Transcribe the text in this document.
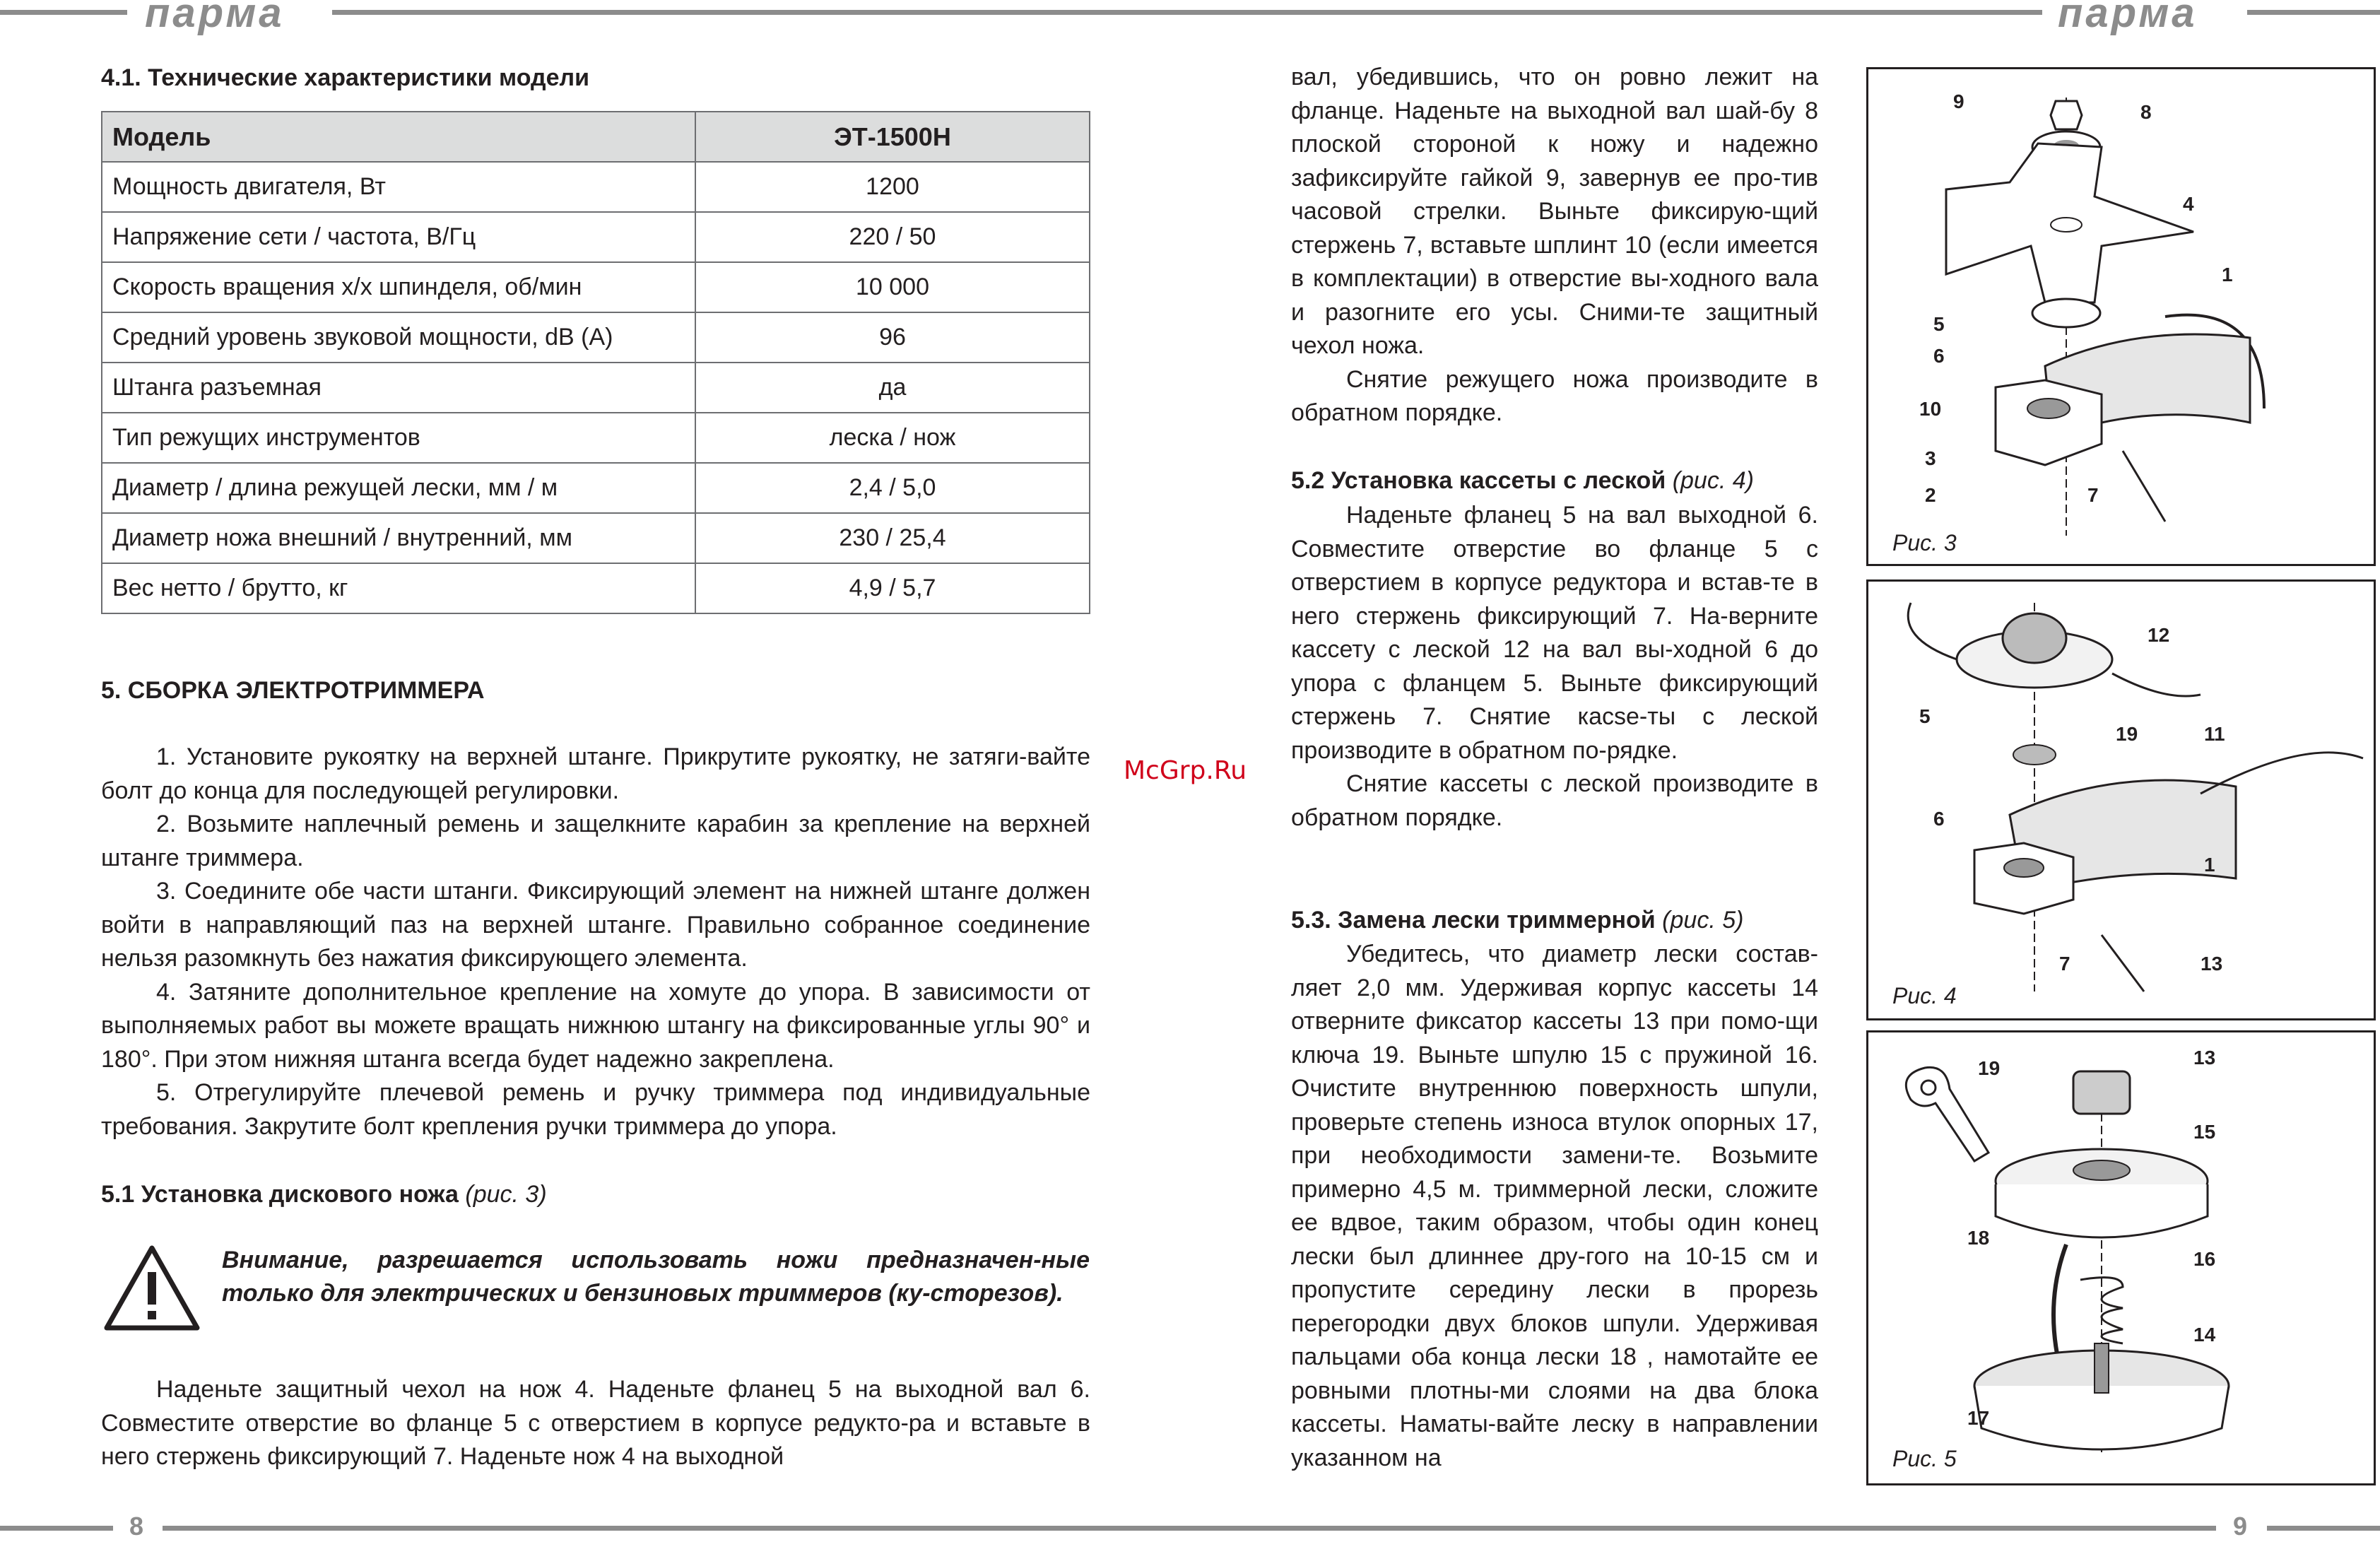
пармa	пармa
8	9
4.1. Технические характеристики модели
Модель	ЭТ-1500Н
Мощность двигателя, Вт	1200
Напряжение сети / частота, В/Гц	220 / 50
Скорость вращения х/х шпинделя, об/мин	10 000
Средний уровень звуковой мощности, dB (A)	96
Штанга разъемная	да
Тип режущих инструментов	леска / нож
Диаметр / длина режущей лески, мм / м	2,4 / 5,0
Диаметр ножа внешний / внутренний, мм	230 / 25,4
Вес нетто / брутто, кг	4,9 / 5,7
5. СБОРКА ЭЛЕКТРОТРИММЕРА

1. Установите рукоятку на верхней штанге. Прикрутите рукоятку, не затяги-вайте болт до конца для последующей регулировки.

2. Возьмите наплечный ремень и защелкните карабин за крепление на верхней штанге триммера.

3. Соедините обе части штанги. Фиксирующий элемент на нижней штанге должен войти в направляющий паз на верхней штанге. Правильно собранное соединение нельзя разомкнуть без нажатия фиксирующего элемента.

4. Затяните дополнительное крепление на хомуте до упора. В зависимости от выполняемых работ вы можете вращать нижнюю штангу на фиксированные углы 90° и 180°. При этом нижняя штанга всегда будет надежно закреплена.

5. Отрегулируйте плечевой ремень и ручку триммера под индивидуальные требования. Закрутите болт крепления ручки триммера до упора.

5.1 Установка дискового ножа (рис. 3)
Внимание, разрешается использовать ножи предназначен-ные только для электрических и бензиновых триммеров (ку-сторезов).

Наденьте защитный чехол на нож 4. Наденьте фланец 5 на выходной вал 6. Совместите отверстие во фланце 5 с отверстием в корпусе редукто-ра и вставьте в него стержень фиксирующий 7. Наденьте нож 4 на выходной

McGrp.Ru

вал, убедившись, что он ровно лежит на фланце. Наденьте на выходной вал шай-бу 8 плоской стороной к ножу и надежно зафиксируйте гайкой 9, завернув ее про-тив часовой стрелки. Выньте фиксирую-щий стержень 7, вставьте шплинт 10 (если имеется в комплектации) в отверстие вы-ходного вала и разогните его усы. Сними-те защитный чехол ножа.

Снятие режущего ножа производите в обратном порядке.

5.2 Установка кассеты с леской (рис. 4)

Наденьте фланец 5 на вал выходной 6. Совместите отверстие во фланце 5 с отверстием в корпусе редуктора и встав-те в него стержень фиксирующий 7. На-верните кассету с леской 12 на вал вы-ходной 6 до упора с фланцем 5. Выньте фиксирующий стержень 7. Снятие касse-ты с леской производите в обратном по-рядке.

Снятие кассеты с леской производите в обратном порядке.

5.3. Замена лески триммерной (рис. 5)

Убедитесь, что диаметр лески состав-ляет 2,0 мм. Удерживая корпус кассеты 14 отверните фиксатор кассеты 13 при помо-щи ключа 19. Выньте шпулю 15 с пружиной 16. Очистите внутреннюю поверхность шпули, проверьте степень износа втулок опорных 17, при необходимости замени-те. Возьмите примерно 4,5 м. триммерной лески, сложите ее вдвое, таким образом, чтобы один конец лески был длиннее дру-гого на 10-15 см и пропустите середину лески в прорезь перегородки двух блоков шпули. Удерживая пальцами оба конца лески 18 , намотайте ее ровными плотны-ми слоями на два блока кассеты. Наматы-вайте леску в направлении указанном на

9	8
4
1
5
6
10
3
2	7
Рис. 3
12
5
19	11
6
1
7	13
Рис. 4
19	13
15
18
16
14
17
Рис. 5
